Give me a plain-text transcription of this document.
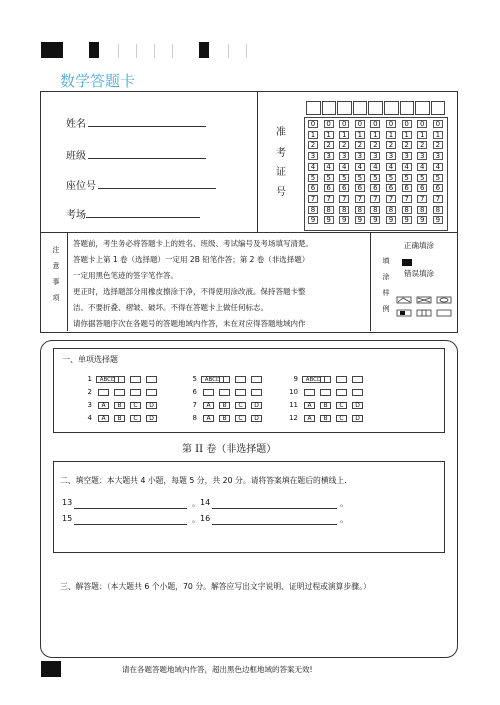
数学答题卡
姓名
班级
座位号
考场
准
考
证
号
0	0	0	0	0	0	0	0	0
1	1	1	1	1	1	1	1	1
2	2	2	2	2	2	2	2	2
3	3	3	3	3	3	3	3	3
4	4	4	4	4	4	4	4	4
5	5	5	5	5	5	5	5	5
6	6	6	6	6	6	6	6	6
7	7	7	7	7	7	7	7	7
8	8	8	8	8	8	8	8	8
9	9	9	9	9	9	9	9	9
注
意
事
项
答题前，考生务必将答题卡上的姓名、班级、考试编号及考场填写清楚。
答题卡上第 1 卷（选择题）一定用 2B 铅笔作答；第 2 卷（非选择题）
一定用黑色笔迹的签字笔作答。
更正时，选择题部分用橡皮擦涂干净，不得使用涂改液。保持答题卡整
洁。不要折叠、褶皱、破坏。不得在答题卡上做任何标志。
请你据答题序次在各题号的答题地域内作答，未在对应得答题地域内作
填
涂
样
例
正确填涂
错误填涂
一、单项选择题
1	ABCD
2
3	A	B	C	D
4	A	B	C	D
5	ABCD
6
7	A	B	C	D
8	A	B	C	D
9	ABCD
10
11	A	B	C	D
12	A	B	C	D
第 II 卷（非选择题）
二、填空题：本大题共 4 小题，每题 5 分，共 20 分。请将答案填在题后的横线上.
13	。 14	。
15	。 16	。
三、解答题：（本大题共 6 个小题，70 分。解答应写出文字说明、证明过程或演算步骤。）
请在各题答题地域内作答，超出黑色边框地域的答案无效!
